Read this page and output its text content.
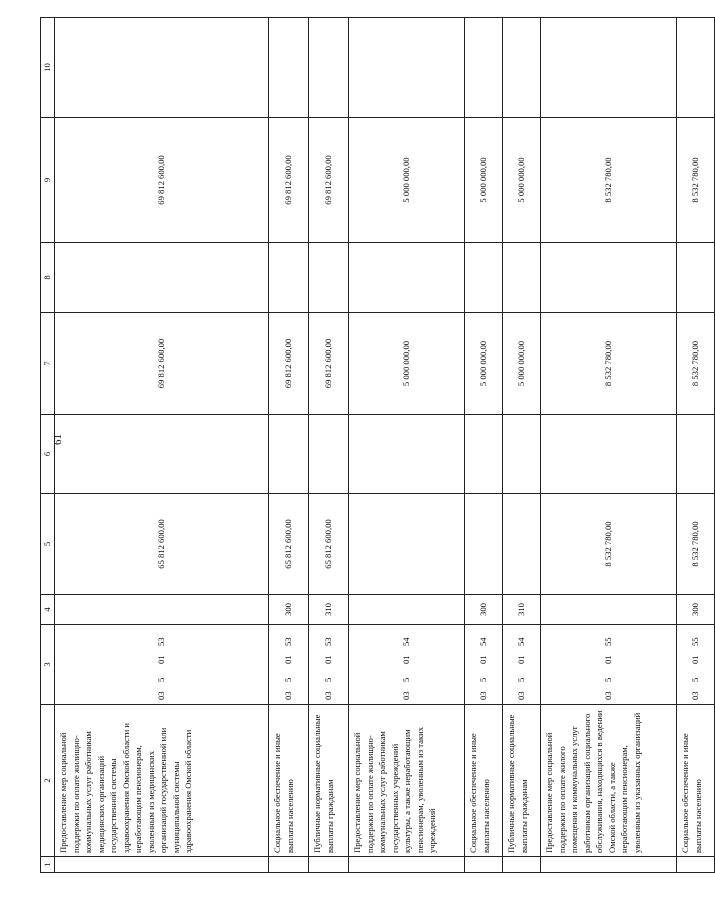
61
1	2	3	4	5	6	7	8	9	10
	Предоставление мер социальной поддержки по оплате жилищно-коммунальных услуг работникам медицинских организаций государственной системы здравоохранения Омской области и неработающим пенсионерам, уволенным из медицинских организаций государственной или муниципальной системы здравоохранения Омской области	0350153		65 812 600,00		69 812 600,00		69 812 600,00	
	Социальное обеспечение и иные выплаты населению	0350153	300	65 812 600,00		69 812 600,00		69 812 600,00	
	Публичные нормативные социальные выплаты гражданам	0350153	310	65 812 600,00		69 812 600,00		69 812 600,00	
	Предоставление мер социальной поддержки по оплате жилищно-коммунальных услуг работникам государственных учреждений культуры, а также неработающим пенсионерам, уволенным из таких учреждений	0350154				5 000 000,00		5 000 000,00	
	Социальное обеспечение и иные выплаты населению	0350154	300			5 000 000,00		5 000 000,00	
	Публичные нормативные социальные выплаты гражданам	0350154	310			5 000 000,00		5 000 000,00	
	Предоставление мер социальной поддержки по оплате жилого помещения и коммунальных услуг работникам организаций социального обслуживания, находящихся в ведении Омской области, а также неработающим пенсионерам, уволенным из указанных организаций	0350155		8 532 780,00		8 532 780,00		8 532 780,00	
	Социальное обеспечение и иные выплаты населению	0350155	300	8 532 780,00		8 532 780,00		8 532 780,00	
